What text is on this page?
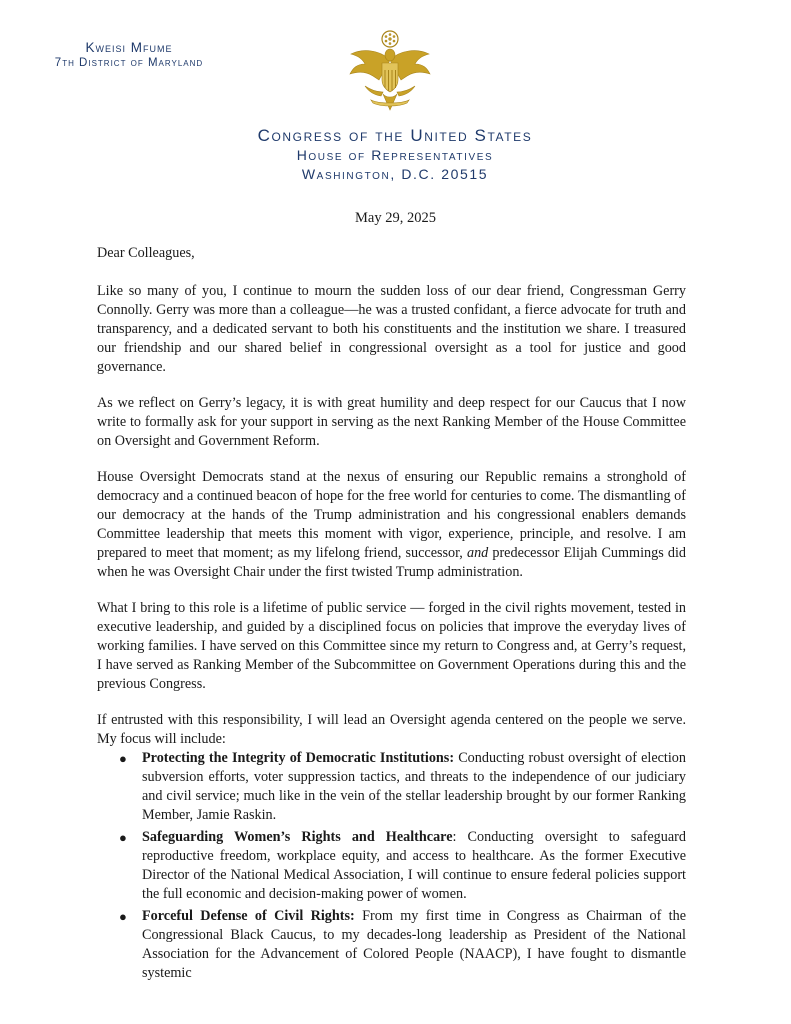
Kweisi Mfume
7th District of Maryland
Congress of the United States
House of Representatives
Washington, D.C. 20515
May 29, 2025

Dear Colleagues,

Like so many of you, I continue to mourn the sudden loss of our dear friend, Congressman Gerry Connolly. Gerry was more than a colleague—he was a trusted confidant, a fierce advocate for truth and transparency, and a dedicated servant to both his constituents and the institution we share. I treasured our friendship and our shared belief in congressional oversight as a tool for justice and good governance.

As we reflect on Gerry’s legacy, it is with great humility and deep respect for our Caucus that I now write to formally ask for your support in serving as the next Ranking Member of the House Committee on Oversight and Government Reform.

House Oversight Democrats stand at the nexus of ensuring our Republic remains a stronghold of democracy and a continued beacon of hope for the free world for centuries to come. The dismantling of our democracy at the hands of the Trump administration and his congressional enablers demands Committee leadership that meets this moment with vigor, experience, principle, and resolve. I am prepared to meet that moment; as my lifelong friend, successor, and predecessor Elijah Cummings did when he was Oversight Chair under the first twisted Trump administration.

What I bring to this role is a lifetime of public service — forged in the civil rights movement, tested in executive leadership, and guided by a disciplined focus on policies that improve the everyday lives of working families. I have served on this Committee since my return to Congress and, at Gerry’s request, I have served as Ranking Member of the Subcommittee on Government Operations during this and the previous Congress.

If entrusted with this responsibility, I will lead an Oversight agenda centered on the people we serve. My focus will include:

● Protecting the Integrity of Democratic Institutions: Conducting robust oversight of election subversion efforts, voter suppression tactics, and threats to the independence of our judiciary and civil service; much like in the vein of the stellar leadership brought by our former Ranking Member, Jamie Raskin.
● Safeguarding Women’s Rights and Healthcare: Conducting oversight to safeguard reproductive freedom, workplace equity, and access to healthcare. As the former Executive Director of the National Medical Association, I will continue to ensure federal policies support the full economic and decision-making power of women.
● Forceful Defense of Civil Rights: From my first time in Congress as Chairman of the Congressional Black Caucus, to my decades-long leadership as President of the National Association for the Advancement of Colored People (NAACP), I have fought to dismantle systemic
